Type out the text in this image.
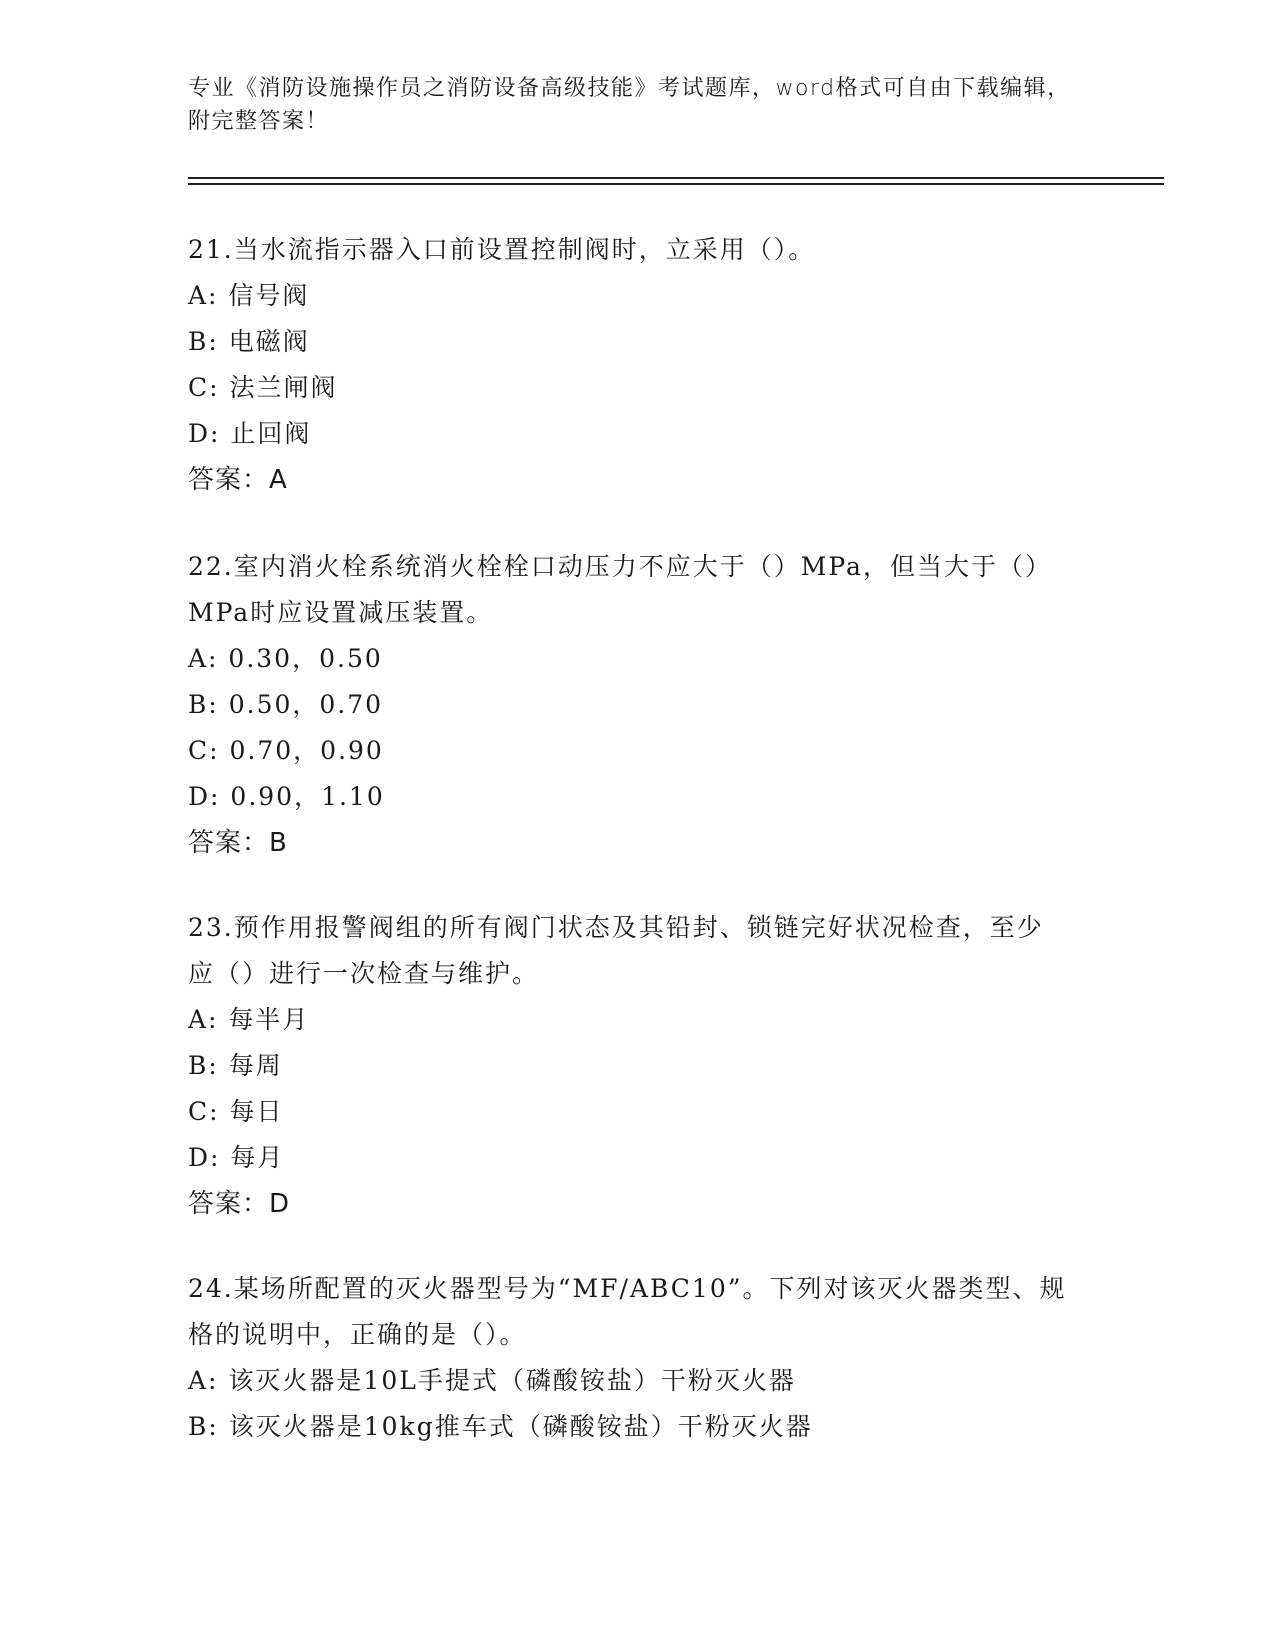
专业《消防设施操作员之消防设备高级技能》考试题库，word格式可自由下载编辑，附完整答案！
21.当水流指示器入口前设置控制阀时，立采用（）。
A: 信号阀
B: 电磁阀
C: 法兰闸阀
D: 止回阀
答案：A
22.室内消火栓系统消火栓栓口动压力不应大于（）MPa，但当大于（）MPa时应设置减压装置。
A: 0.30，0.50
B: 0.50，0.70
C: 0.70，0.90
D: 0.90，1.10
答案：B
23.预作用报警阀组的所有阀门状态及其铅封、锁链完好状况检查，至少应（）进行一次检查与维护。
A: 每半月
B: 每周
C: 每日
D: 每月
答案：D
24.某场所配置的灭火器型号为“MF/ABC10”。下列对该灭火器类型、规格的说明中，正确的是（）。
A: 该灭火器是10L手提式（磷酸铵盐）干粉灭火器
B: 该灭火器是10kg推车式（磷酸铵盐）干粉灭火器
